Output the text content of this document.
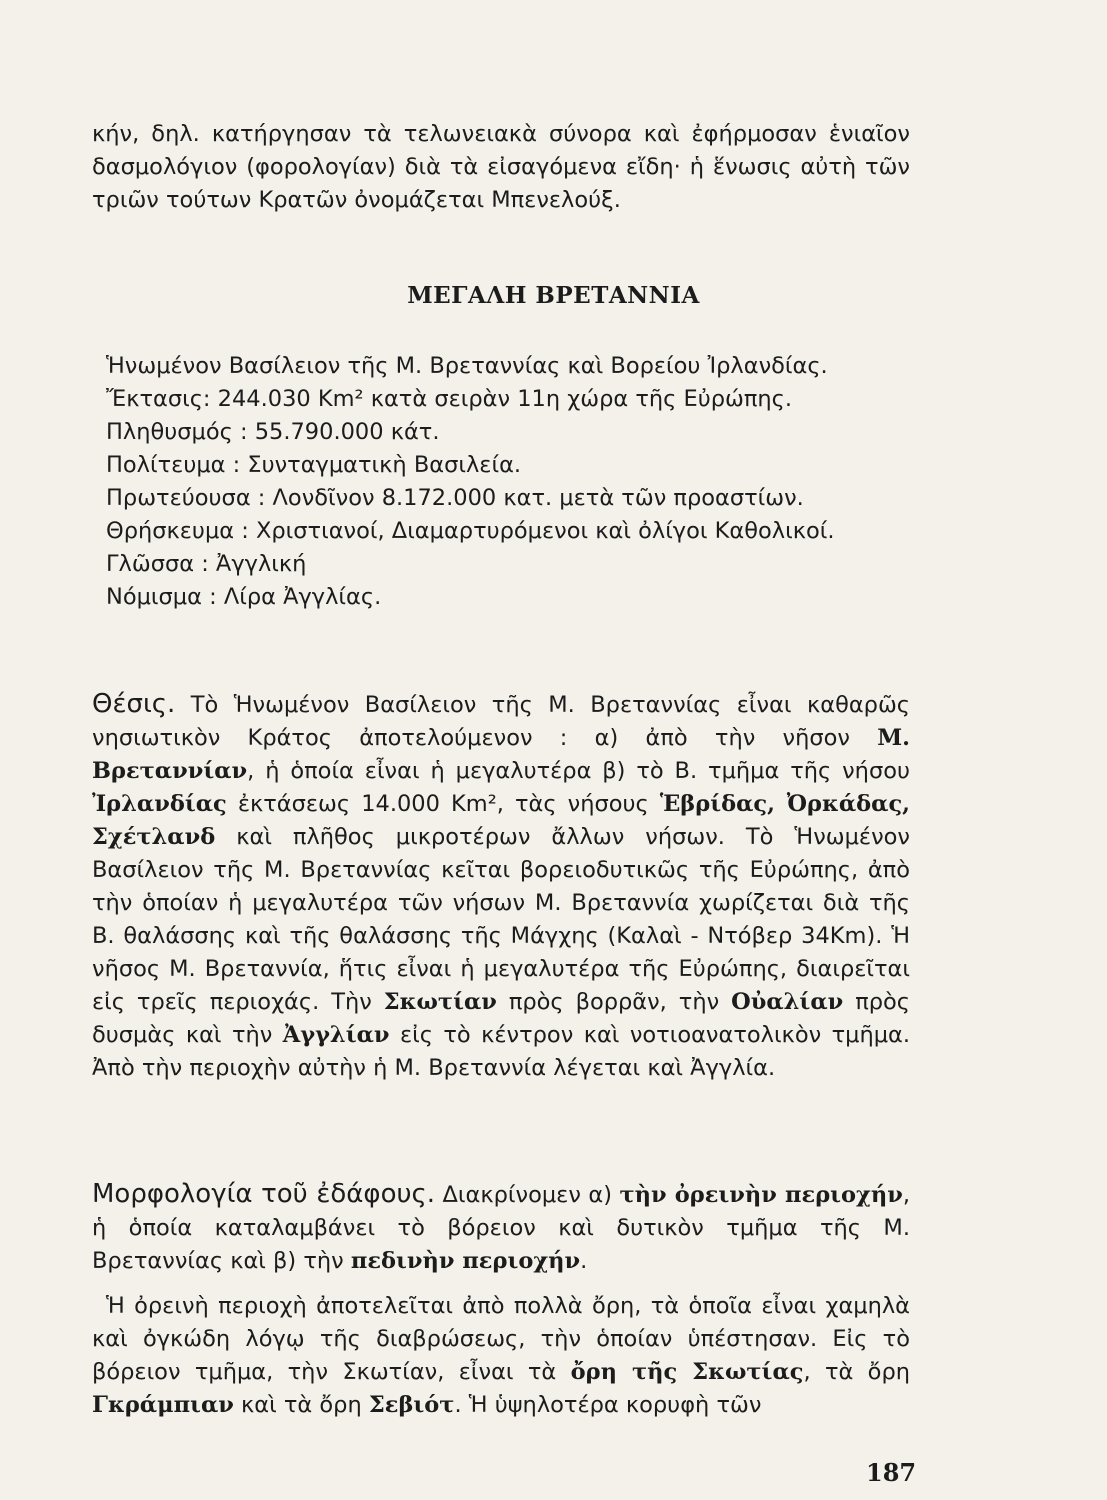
κήν, δηλ. κατήργησαν τὰ τελωνειακὰ σύνορα καὶ ἐφήρμοσαν ἑνιαῖον δασμολόγιον (φορολογίαν) διὰ τὰ εἰσαγόμενα εἴδη· ἡ ἕνωσις αὐτὴ τῶν τριῶν τούτων Κρατῶν ὀνομάζεται Μπενελούξ.

ΜΕΓΑΛΗ ΒΡΕΤΑΝΝΙΑ

Ἡνωμένον Βασίλειον τῆς Μ. Βρεταννίας καὶ Βορείου Ἰρλανδίας.

Ἔκτασις: 244.030 Km² κατὰ σειρὰν 11η χώρα τῆς Εὐρώπης.

Πληθυσμός : 55.790.000 κάτ.

Πολίτευμα : Συνταγματικὴ Βασιλεία.

Πρωτεύουσα : Λονδῖνον 8.172.000 κατ. μετὰ τῶν προαστίων.

Θρήσκευμα : Χριστιανοί, Διαμαρτυρόμενοι καὶ ὀλίγοι Καθολικοί.

Γλῶσσα : Ἀγγλική

Νόμισμα : Λίρα Ἀγγλίας.

Θέσις. Τὸ Ἡνωμένον Βασίλειον τῆς Μ. Βρεταννίας εἶναι καθαρῶς νησιωτικὸν Κράτος ἀποτελούμενον : α) ἀπὸ τὴν νῆσον Μ. Βρεταννίαν, ἡ ὁποία εἶναι ἡ μεγαλυτέρα β) τὸ Β. τμῆμα τῆς νήσου Ἰρλανδίας ἐκτάσεως 14.000 Km², τὰς νήσους Ἑβρίδας, Ὀρκάδας, Σχέτλανδ καὶ πλῆθος μικροτέρων ἄλλων νήσων. Τὸ Ἡνωμένον Βασίλειον τῆς Μ. Βρεταννίας κεῖται βορειοδυτικῶς τῆς Εὐρώπης, ἀπὸ τὴν ὁποίαν ἡ μεγαλυτέρα τῶν νήσων Μ. Βρεταννία χωρίζεται διὰ τῆς Β. θαλάσσης καὶ τῆς θαλάσσης τῆς Μάγχης (Καλαὶ - Ντόβερ 34Km). Ἡ νῆσος Μ. Βρεταννία, ἥτις εἶναι ἡ μεγαλυτέρα τῆς Εὐρώπης, διαιρεῖται εἰς τρεῖς περιοχάς. Τὴν Σκωτίαν πρὸς βορρᾶν, τὴν Οὐαλίαν πρὸς δυσμὰς καὶ τὴν Ἀγγλίαν εἰς τὸ κέντρον καὶ νοτιοανατολικὸν τμῆμα. Ἀπὸ τὴν περιοχὴν αὐτὴν ἡ Μ. Βρεταννία λέγεται καὶ Ἀγγλία.

Μορφολογία τοῦ ἐδάφους. Διακρίνομεν α) τὴν ὀρεινὴν περιοχήν, ἡ ὁποία καταλαμβάνει τὸ βόρειον καὶ δυτικὸν τμῆμα τῆς Μ. Βρεταννίας καὶ β) τὴν πεδινὴν περιοχήν.

Ἡ ὀρεινὴ περιοχὴ ἀποτελεῖται ἀπὸ πολλὰ ὄρη, τὰ ὁποῖα εἶναι χαμηλὰ καὶ ὀγκώδη λόγῳ τῆς διαβρώσεως, τὴν ὁποίαν ὑπέστησαν. Εἰς τὸ βόρειον τμῆμα, τὴν Σκωτίαν, εἶναι τὰ ὄρη τῆς Σκωτίας, τὰ ὄρη Γκράμπιαν καὶ τὰ ὄρη Σεβιότ. Ἡ ὑψηλοτέρα κορυφὴ τῶν

187
